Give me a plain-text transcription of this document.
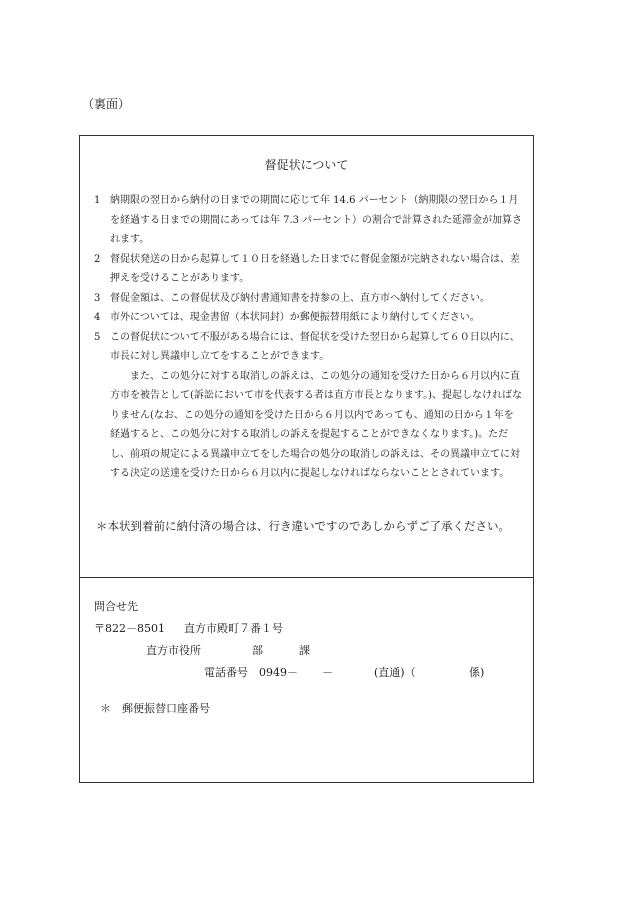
（裏面）
督促状について
1 納期限の翌日から納付の日までの期間に応じて年 14.6 パーセント（納期限の翌日から１月を経過する日までの期間にあっては年 7.3 パーセント）の割合で計算された延滞金が加算されます。
2 督促状発送の日から起算して１０日を経過した日までに督促金額が完納されない場合は、差押えを受けることがあります。
3 督促金額は、この督促状及び納付書通知書を持参の上、直方市へ納付してください。
4 市外については、現金書留（本状同封）か郵便振替用紙により納付してください。
5 この督促状について不服がある場合には、督促状を受けた翌日から起算して６０日以内に、市長に対し異議申し立てをすることができます。
また、この処分に対する取消しの訴えは、この処分の通知を受けた日から６月以内に直方市を被告として(訴訟において市を代表する者は直方市長となります。)、提起しなければなりません(なお、この処分の通知を受けた日から６月以内であっても、通知の日から１年を経過すると、この処分に対する取消しの訴えを提起することができなくなります。)。ただし、前項の規定による異議申立てをした場合の処分の取消しの訴えは、その異議申立てに対する決定の送達を受けた日から６月以内に提起しなければならないこととされています。
＊本状到着前に納付済の場合は、行き違いですのであしからずご了承ください。
問合せ先
〒822－8501 直方市殿町７番１号
直方市役所	部	課
電話番号 0949－ －	(直通)（	係)
＊ 郵便振替口座番号
